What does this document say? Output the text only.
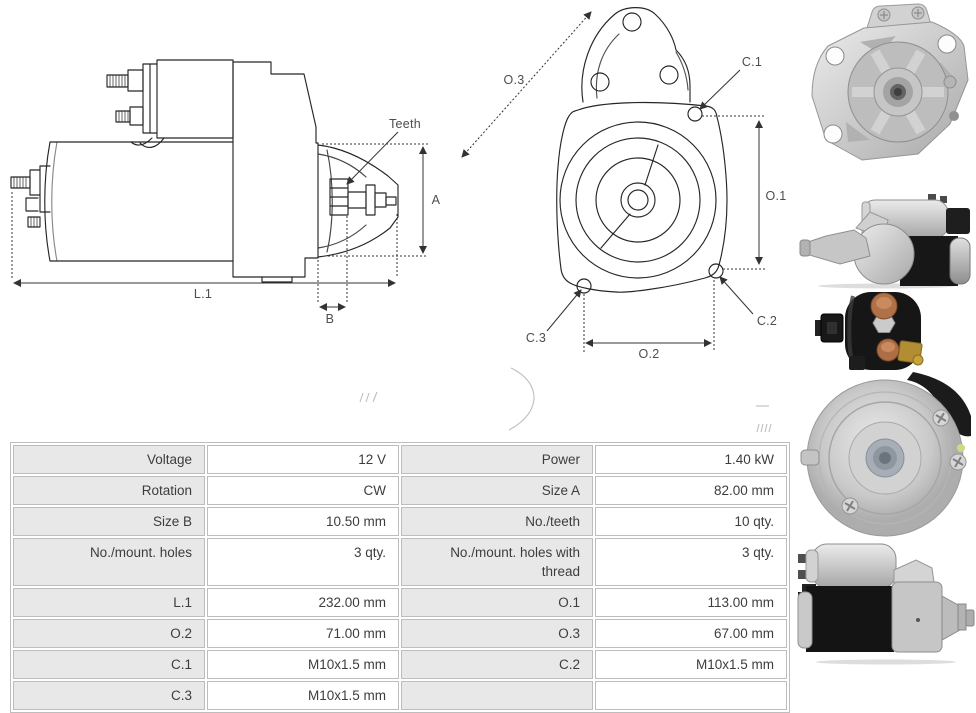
Teeth
A
L.1
B
O.3
C.1
O.1
C.2
C.3
O.2
Voltage	12 V	Power	1.40 kW
Rotation	CW	Size A	82.00 mm
Size B	10.50 mm	No./teeth	10 qty.
No./mount. holes	3 qty.	No./mount. holes with thread	3 qty.
L.1	232.00 mm	O.1	113.00 mm
O.2	71.00 mm	O.3	67.00 mm
C.1	M10x1.5 mm	C.2	M10x1.5 mm
C.3	M10x1.5 mm		
